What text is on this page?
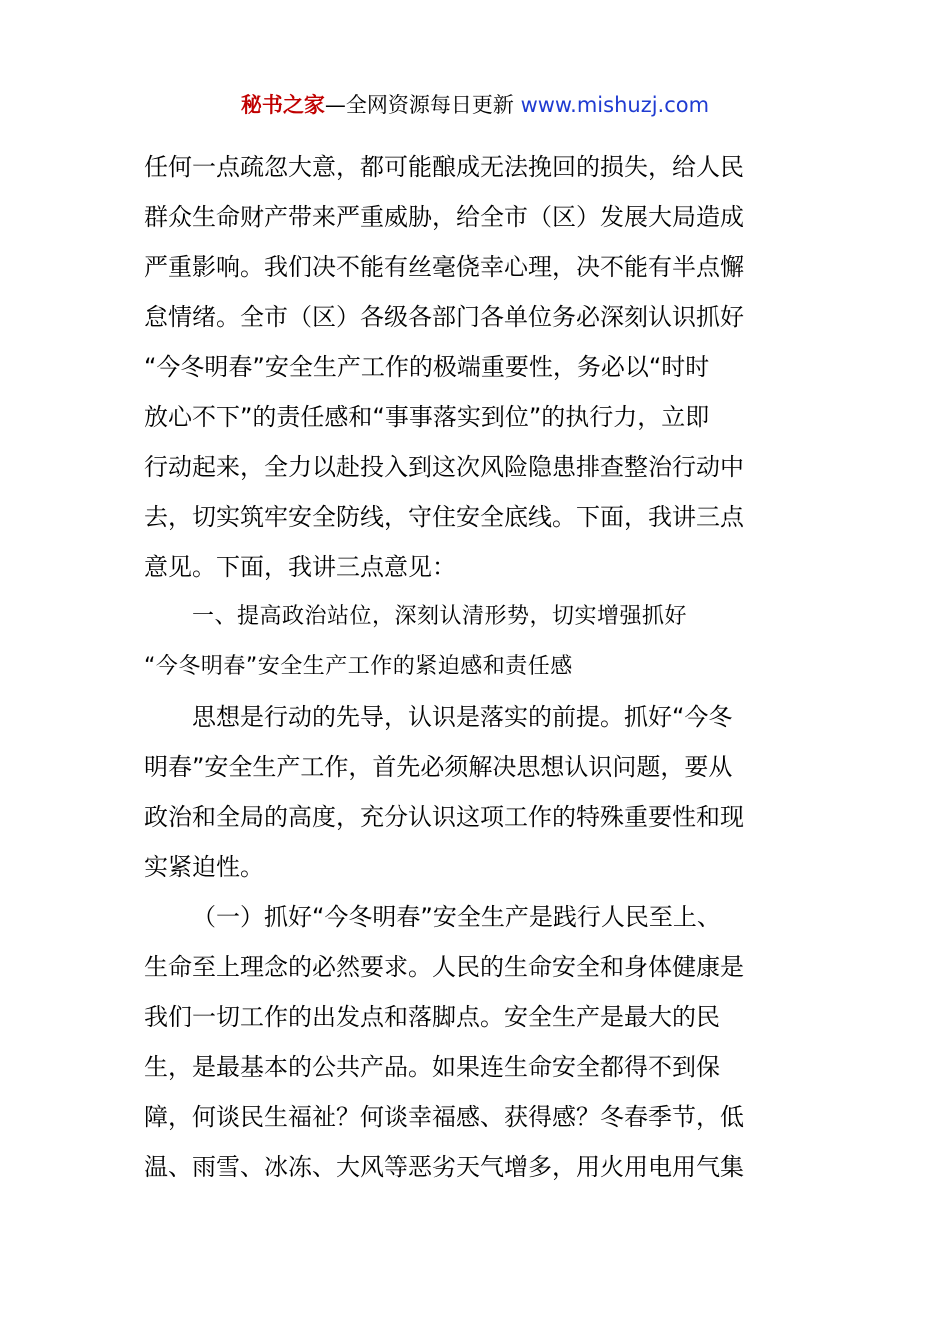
秘书之家—全网资源每日更新 www.mishuzj.com
任何一点疏忽大意，都可能酿成无法挽回的损失，给人民
群众生命财产带来严重威胁，给全市（区）发展大局造成
严重影响。我们决不能有丝毫侥幸心理，决不能有半点懈
怠情绪。全市（区）各级各部门各单位务必深刻认识抓好
“今冬明春”安全生产工作的极端重要性，务必以“时时
放心不下”的责任感和“事事落实到位”的执行力，立即
行动起来，全力以赴投入到这次风险隐患排查整治行动中
去，切实筑牢安全防线，守住安全底线。下面，我讲三点
意见。下面，我讲三点意见：
一、提高政治站位，深刻认清形势，切实增强抓好
“今冬明春”安全生产工作的紧迫感和责任感
思想是行动的先导，认识是落实的前提。抓好“今冬
明春”安全生产工作，首先必须解决思想认识问题，要从
政治和全局的高度，充分认识这项工作的特殊重要性和现
实紧迫性。
（一）抓好“今冬明春”安全生产是践行人民至上、
生命至上理念的必然要求。人民的生命安全和身体健康是
我们一切工作的出发点和落脚点。安全生产是最大的民
生，是最基本的公共产品。如果连生命安全都得不到保
障，何谈民生福祉？何谈幸福感、获得感？冬春季节，低
温、雨雪、冰冻、大风等恶劣天气增多，用火用电用气集
